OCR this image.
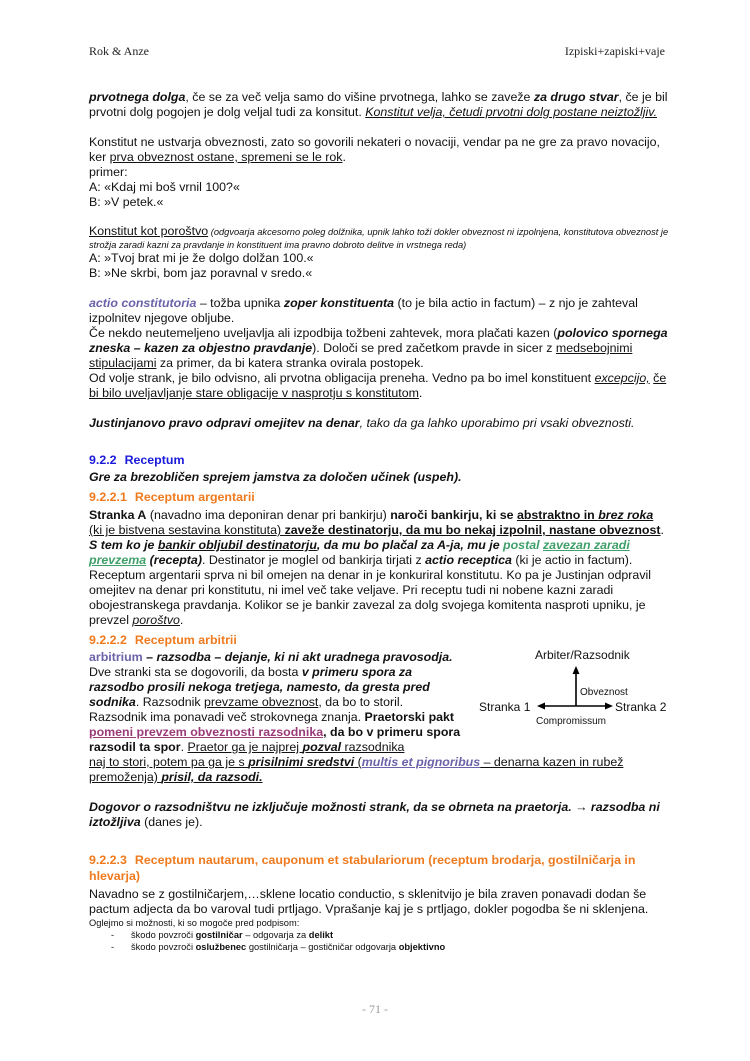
Rok & Anze	Izpiski+zapiski+vaje

prvotnega dolga, če se za več velja samo do višine prvotnega, lahko se zaveže za drugo stvar, če je bil prvotni dolg pogojen je dolg veljal tudi za konsitut. Konstitut velja, četudi prvotni dolg postane neiztožljiv.

Konstitut ne ustvarja obveznosti, zato so govorili nekateri o novaciji, vendar pa ne gre za pravo novacijo, ker prva obveznost ostane, spremeni se le rok.

primer:

A: «Kdaj mi boš vrnil 100?«

B: »V petek.«

Konstitut kot poroštvo (odgvoarja akcesorno poleg dolžnika, upnik lahko toži dokler obveznost ni izpolnjena, konstitutova obveznost je strožja zaradi kazni za pravdanje in konstituent ima pravno dobroto delitve in vrstnega reda)

A: »Tvoj brat mi je že dolgo dolžan 100.«

B: »Ne skrbi, bom jaz poravnal v sredo.«

actio constitutoria – tožba upnika zoper konstituenta (to je bila actio in factum) – z njo je zahteval izpolnitev njegove obljube.

Če nekdo neutemeljeno uveljavlja ali izpodbija tožbeni zahtevek, mora plačati kazen (polovico spornega zneska – kazen za objestno pravdanje). Določi se pred začetkom pravde in sicer z medsebojnimi stipulacijami za primer, da bi katera stranka ovirala postopek.

Od volje strank, je bilo odvisno, ali prvotna obligacija preneha. Vedno pa bo imel konstituent excepcijo, če bi bilo uveljavljanje stare obligacije v nasprotju s konstitutom.

Justinjanovo pravo odpravi omejitev na denar, tako da ga lahko uporabimo pri vsaki obveznosti.

9.2.2 Receptum

Gre za brezobličen sprejem jamstva za določen učinek (uspeh).

9.2.2.1 Receptum argentarii

Stranka A (navadno ima deponiran denar pri bankirju) naroči bankirju, ki se abstraktno in brez roka (ki je bistvena sestavina konstituta) zaveže destinatorju, da mu bo nekaj izpolnil, nastane obveznost. S tem ko je bankir obljubil destinatorju, da mu bo plačal za A-ja, mu je postal zavezan zaradi prevzema (recepta). Destinator je moglel od bankirja tirjati z actio receptica (ki je actio in factum). Receptum argentarii sprva ni bil omejen na denar in je konkuriral konstitutu. Ko pa je Justinjan odpravil omejitev na denar pri konstitutu, ni imel več take veljave. Pri receptu tudi ni nobene kazni zaradi obojestranskega pravdanja. Kolikor se je bankir zavezal za dolg svojega komitenta nasproti upniku, je prevzel poroštvo.

9.2.2.2 Receptum arbitrii
arbitrium – razsodba – dejanje, ki ni akt uradnega pravosodja.
Dve stranki sta se dogovorili, da bosta v primeru spora za razsodbo prosili nekoga tretjega, namesto, da gresta pred sodnika. Razsodnik prevzame obveznost, da bo to storil.
Razsodnik ima ponavadi več strokovnega znanja. Praetorski pakt
pomeni prevzem obveznosti razsodnika, da bo v primeru spora razsodil ta spor. Praetor ga je najprej pozval razsodnika

naj to stori, potem pa ga je s prisilnimi sredstvi (multis et pignoribus – denarna kazen in rubež premoženja) prisil, da razsodi.

Arbiter/Razsodnik
Obveznost
Stranka 1	Stranka 2
Compromissum

Dogovor o razsodništvu ne izključuje možnosti strank, da se obrneta na praetorja. → razsodba ni iztožljiva (danes je).

9.2.2.3 Receptum nautarum, cauponum et stabulariorum (receptum brodarja, gostilničarja in hlevarja)

Navadno se z gostilničarjem,…sklene locatio conductio, s sklenitvijo je bila zraven ponavadi dodan še pactum adjecta da bo varoval tudi prtljago. Vprašanje kaj je s prtljago, dokler pogodba še ni sklenjena.

Oglejmo si možnosti, ki so mogoče pred podpisom:

- škodo povzroči gostilničar – odgovarja za delikt
- škodo povzroči oslužbenec gostilničarja – gostičničar odgovarja objektivno
- 71 -
